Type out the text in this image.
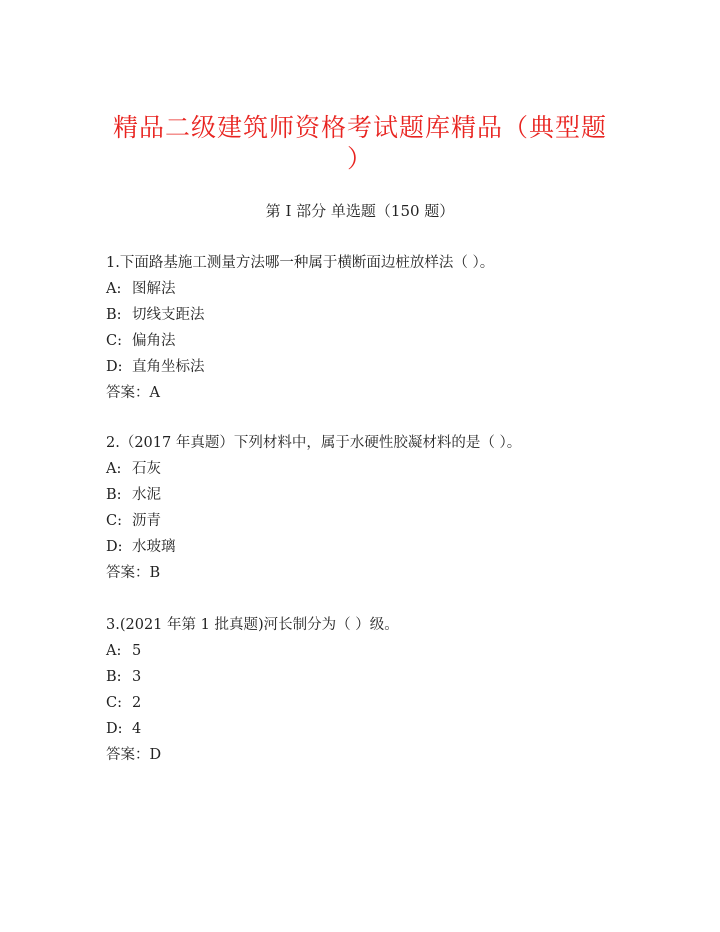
精品二级建筑师资格考试题库精品（典型题
）
第 I 部分 单选题（150 题）
1.下面路基施工测量方法哪一种属于横断面边桩放样法（ ）。
A: 图解法
B: 切线支距法
C: 偏角法
D: 直角坐标法
答案：A
2.（2017 年真题）下列材料中，属于水硬性胶凝材料的是（ ）。
A: 石灰
B: 水泥
C: 沥青
D: 水玻璃
答案：B
3.(2021 年第 1 批真题)河长制分为（ ）级。
A: 5
B: 3
C: 2
D: 4
答案：D
